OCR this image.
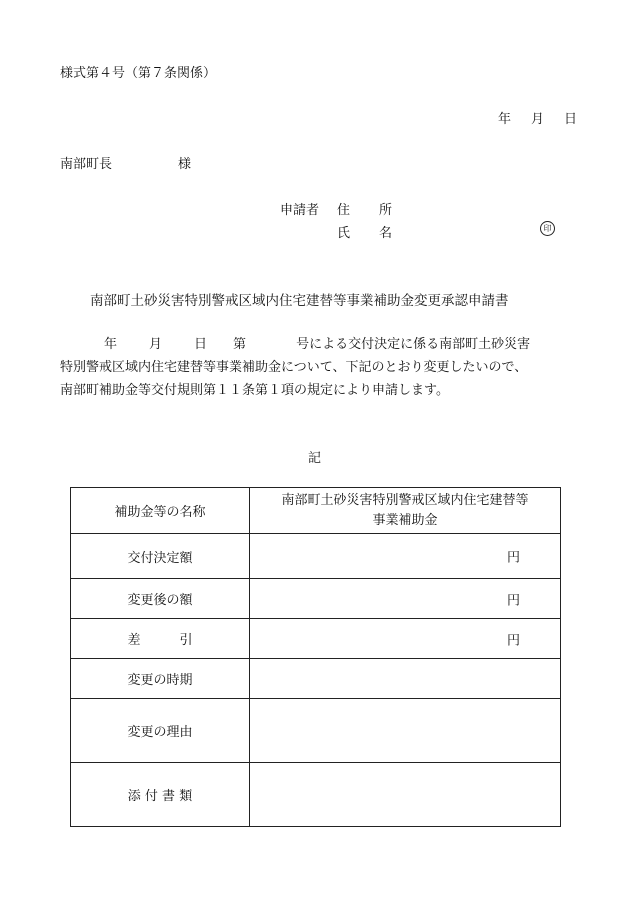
様式第４号（第７条関係）
年 月 日
南部町長	様
申請者 住　所
氏　名	印
南部町土砂災害特別警戒区域内住宅建替等事業補助金変更承認申請書
年 月 日 第	号による交付決定に係る南部町土砂災害
特別警戒区域内住宅建替等事業補助金について、下記のとおり変更したいので、
南部町補助金等交付規則第１１条第１項の規定により申請します。
記
補助金等の名称	南部町土砂災害特別警戒区域内住宅建替等
事業補助金

交付決定額	円

変更後の額	円

差　　　引	円

変更の時期	
変更の理由	
添 付 書 類	
